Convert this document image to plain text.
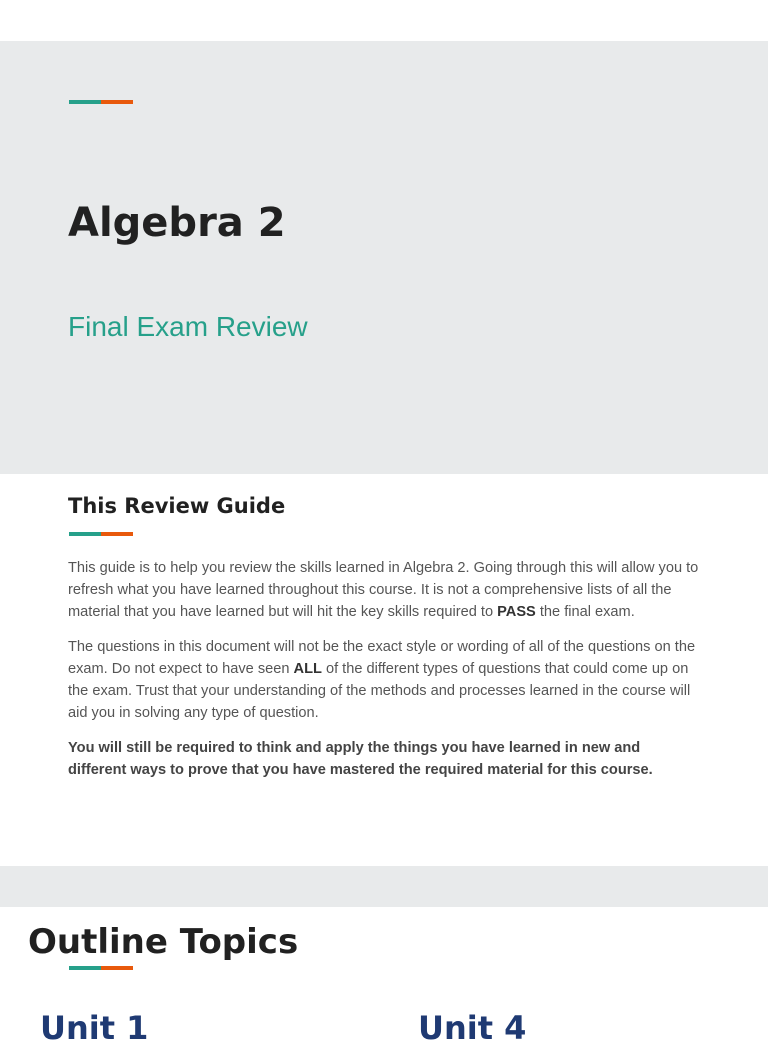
Algebra 2
Final Exam Review
This Review Guide

This guide is to help you review the skills learned in Algebra 2. Going through this will allow you to refresh what you have learned throughout this course. It is not a comprehensive lists of all the material that you have learned but will hit the key skills required to PASS the final exam.

The questions in this document will not be the exact style or wording of all of the questions on the exam. Do not expect to have seen ALL of the different types of questions that could come up on the exam. Trust that your understanding of the methods and processes learned in the course will aid you in solving any type of question.

You will still be required to think and apply the things you have learned in new and different ways to prove that you have mastered the required material for this course.

Outline Topics
Unit 1	Unit 4
